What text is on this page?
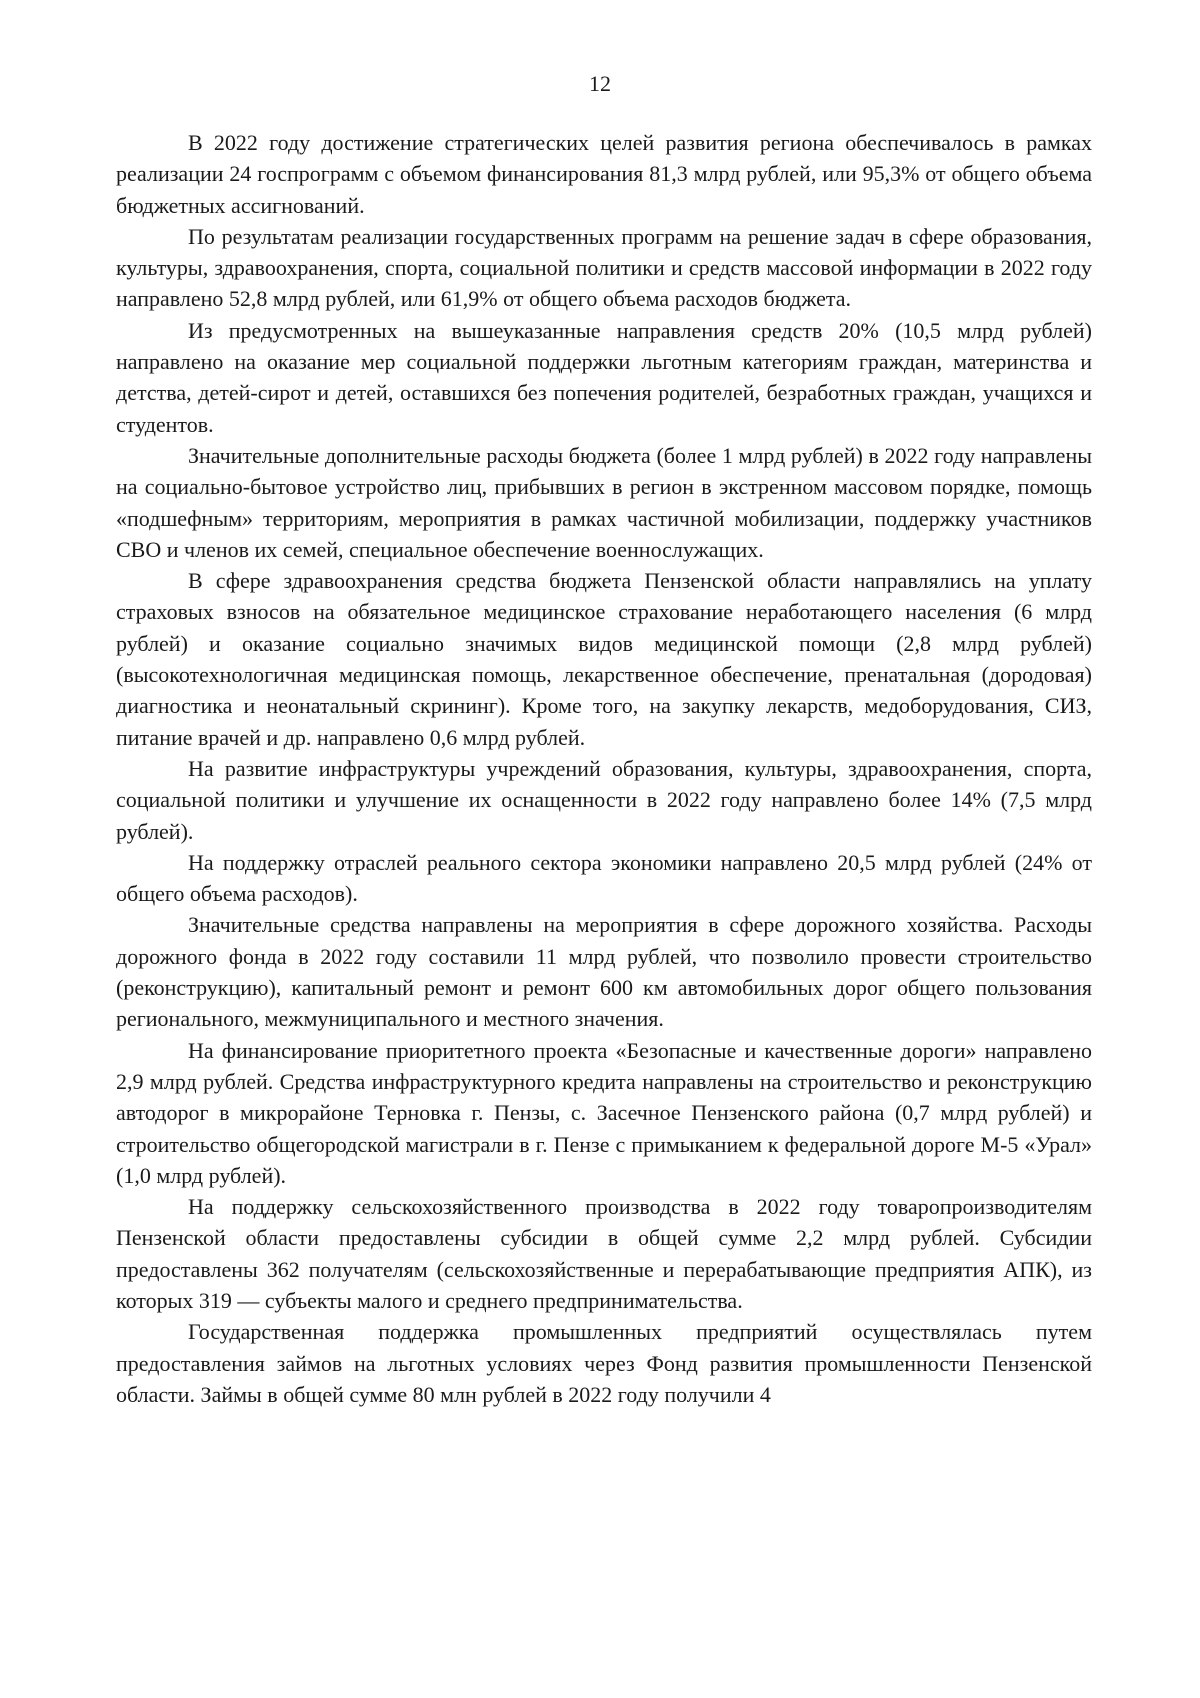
12

В 2022 году достижение стратегических целей развития региона обеспечивалось в рамках реализации 24 госпрограмм с объемом финансирования 81,3 млрд рублей, или 95,3% от общего объема бюджетных ассигнований.

По результатам реализации государственных программ на решение задач в сфере образования, культуры, здравоохранения, спорта, социальной политики и средств массовой информации в 2022 году направлено 52,8 млрд рублей, или 61,9% от общего объема расходов бюджета.

Из предусмотренных на вышеуказанные направления средств 20% (10,5 млрд рублей) направлено на оказание мер социальной поддержки льготным категориям граждан, материнства и детства, детей-сирот и детей, оставшихся без попечения родителей, безработных граждан, учащихся и студентов.

Значительные дополнительные расходы бюджета (более 1 млрд рублей) в 2022 году направлены на социально-бытовое устройство лиц, прибывших в регион в экстренном массовом порядке, помощь «подшефным» территориям, мероприятия в рамках частичной мобилизации, поддержку участников СВО и членов их семей, специальное обеспечение военнослужащих.

В сфере здравоохранения средства бюджета Пензенской области направлялись на уплату страховых взносов на обязательное медицинское страхование неработающего населения (6 млрд рублей) и оказание социально значимых видов медицинской помощи (2,8 млрд рублей) (высокотехнологичная медицинская помощь, лекарственное обеспечение, пренатальная (дородовая) диагностика и неонатальный скрининг). Кроме того, на закупку лекарств, медоборудования, СИЗ, питание врачей и др. направлено 0,6 млрд рублей.

На развитие инфраструктуры учреждений образования, культуры, здравоохранения, спорта, социальной политики и улучшение их оснащенности в 2022 году направлено более 14% (7,5 млрд рублей).

На поддержку отраслей реального сектора экономики направлено 20,5 млрд рублей (24% от общего объема расходов).

Значительные средства направлены на мероприятия в сфере дорожного хозяйства. Расходы дорожного фонда в 2022 году составили 11 млрд рублей, что позволило провести строительство (реконструкцию), капитальный ремонт и ремонт 600 км автомобильных дорог общего пользования регионального, межмуниципального и местного значения.

На финансирование приоритетного проекта «Безопасные и качественные дороги» направлено 2,9 млрд рублей. Средства инфраструктурного кредита направлены на строительство и реконструкцию автодорог в микрорайоне Терновка г. Пензы, с. Засечное Пензенского района (0,7 млрд рублей) и строительство общегородской магистрали в г. Пензе с примыканием к федеральной дороге М-5 «Урал» (1,0 млрд рублей).

На поддержку сельскохозяйственного производства в 2022 году товаропроизводителям Пензенской области предоставлены субсидии в общей сумме 2,2 млрд рублей. Субсидии предоставлены 362 получателям (сельскохозяйственные и перерабатывающие предприятия АПК), из которых 319 — субъекты малого и среднего предпринимательства.

Государственная поддержка промышленных предприятий осуществлялась путем предоставления займов на льготных условиях через Фонд развития промышленности Пензенской области. Займы в общей сумме 80 млн рублей в 2022 году получили 4
